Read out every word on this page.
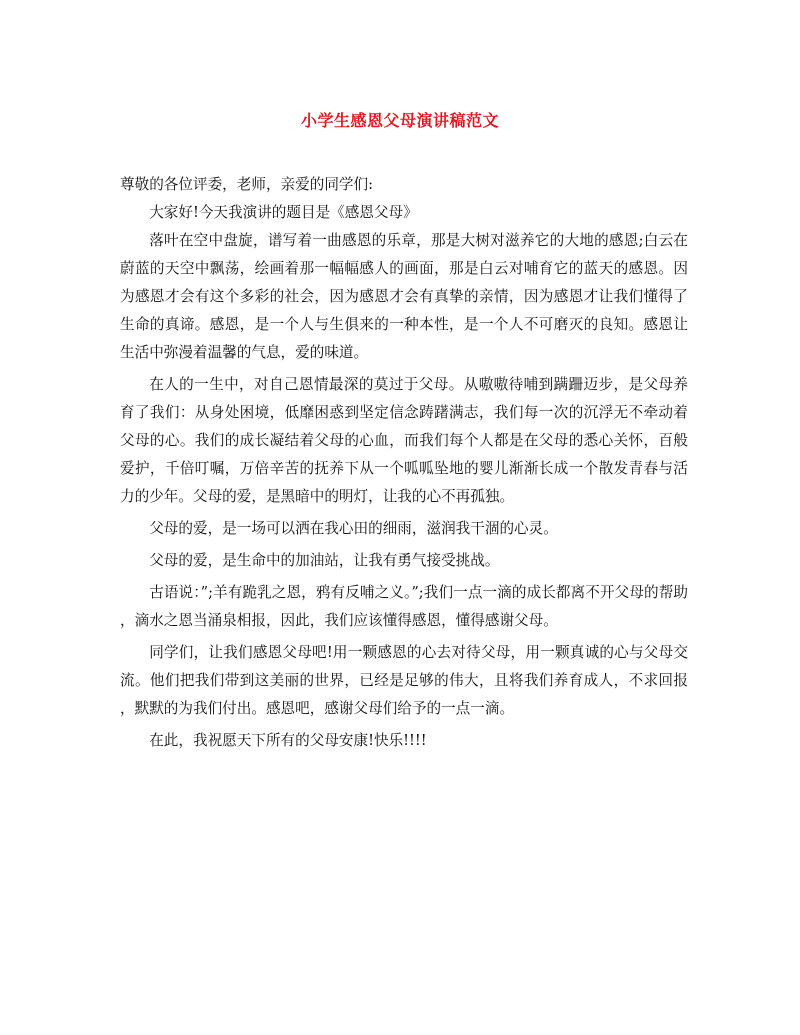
小学生感恩父母演讲稿范文

尊敬的各位评委，老师，亲爱的同学们:

大家好!今天我演讲的题目是《感恩父母》

落叶在空中盘旋，谱写着一曲感恩的乐章，那是大树对滋养它的大地的感恩;白云在蔚蓝的天空中飘荡，绘画着那一幅幅感人的画面，那是白云对哺育它的蓝天的感恩。因为感恩才会有这个多彩的社会，因为感恩才会有真挚的亲情，因为感恩才让我们懂得了生命的真谛。感恩，是一个人与生俱来的一种本性，是一个人不可磨灭的良知。感恩让生活中弥漫着温馨的气息，爱的味道。

在人的一生中，对自己恩情最深的莫过于父母。从嗷嗷待哺到蹒跚迈步，是父母养育了我们：从身处困境，低靡困惑到坚定信念踌躇满志，我们每一次的沉浮无不牵动着父母的心。我们的成长凝结着父母的心血，而我们每个人都是在父母的悉心关怀，百般爱护，千倍叮嘱，万倍辛苦的抚养下从一个呱呱坠地的婴儿渐渐长成一个散发青春与活力的少年。父母的爱，是黑暗中的明灯，让我的心不再孤独。

父母的爱，是一场可以洒在我心田的细雨，滋润我干涸的心灵。

父母的爱，是生命中的加油站，让我有勇气接受挑战。

古语说：”;羊有跪乳之恩，鸦有反哺之义。”;我们一点一滴的成长都离不开父母的帮助，滴水之恩当涌泉相报，因此，我们应该懂得感恩，懂得感谢父母。

同学们，让我们感恩父母吧!用一颗感恩的心去对待父母，用一颗真诚的心与父母交流。他们把我们带到这美丽的世界，已经是足够的伟大，且将我们养育成人，不求回报，默默的为我们付出。感恩吧，感谢父母们给予的一点一滴。

在此，我祝愿天下所有的父母安康!快乐!!!!
